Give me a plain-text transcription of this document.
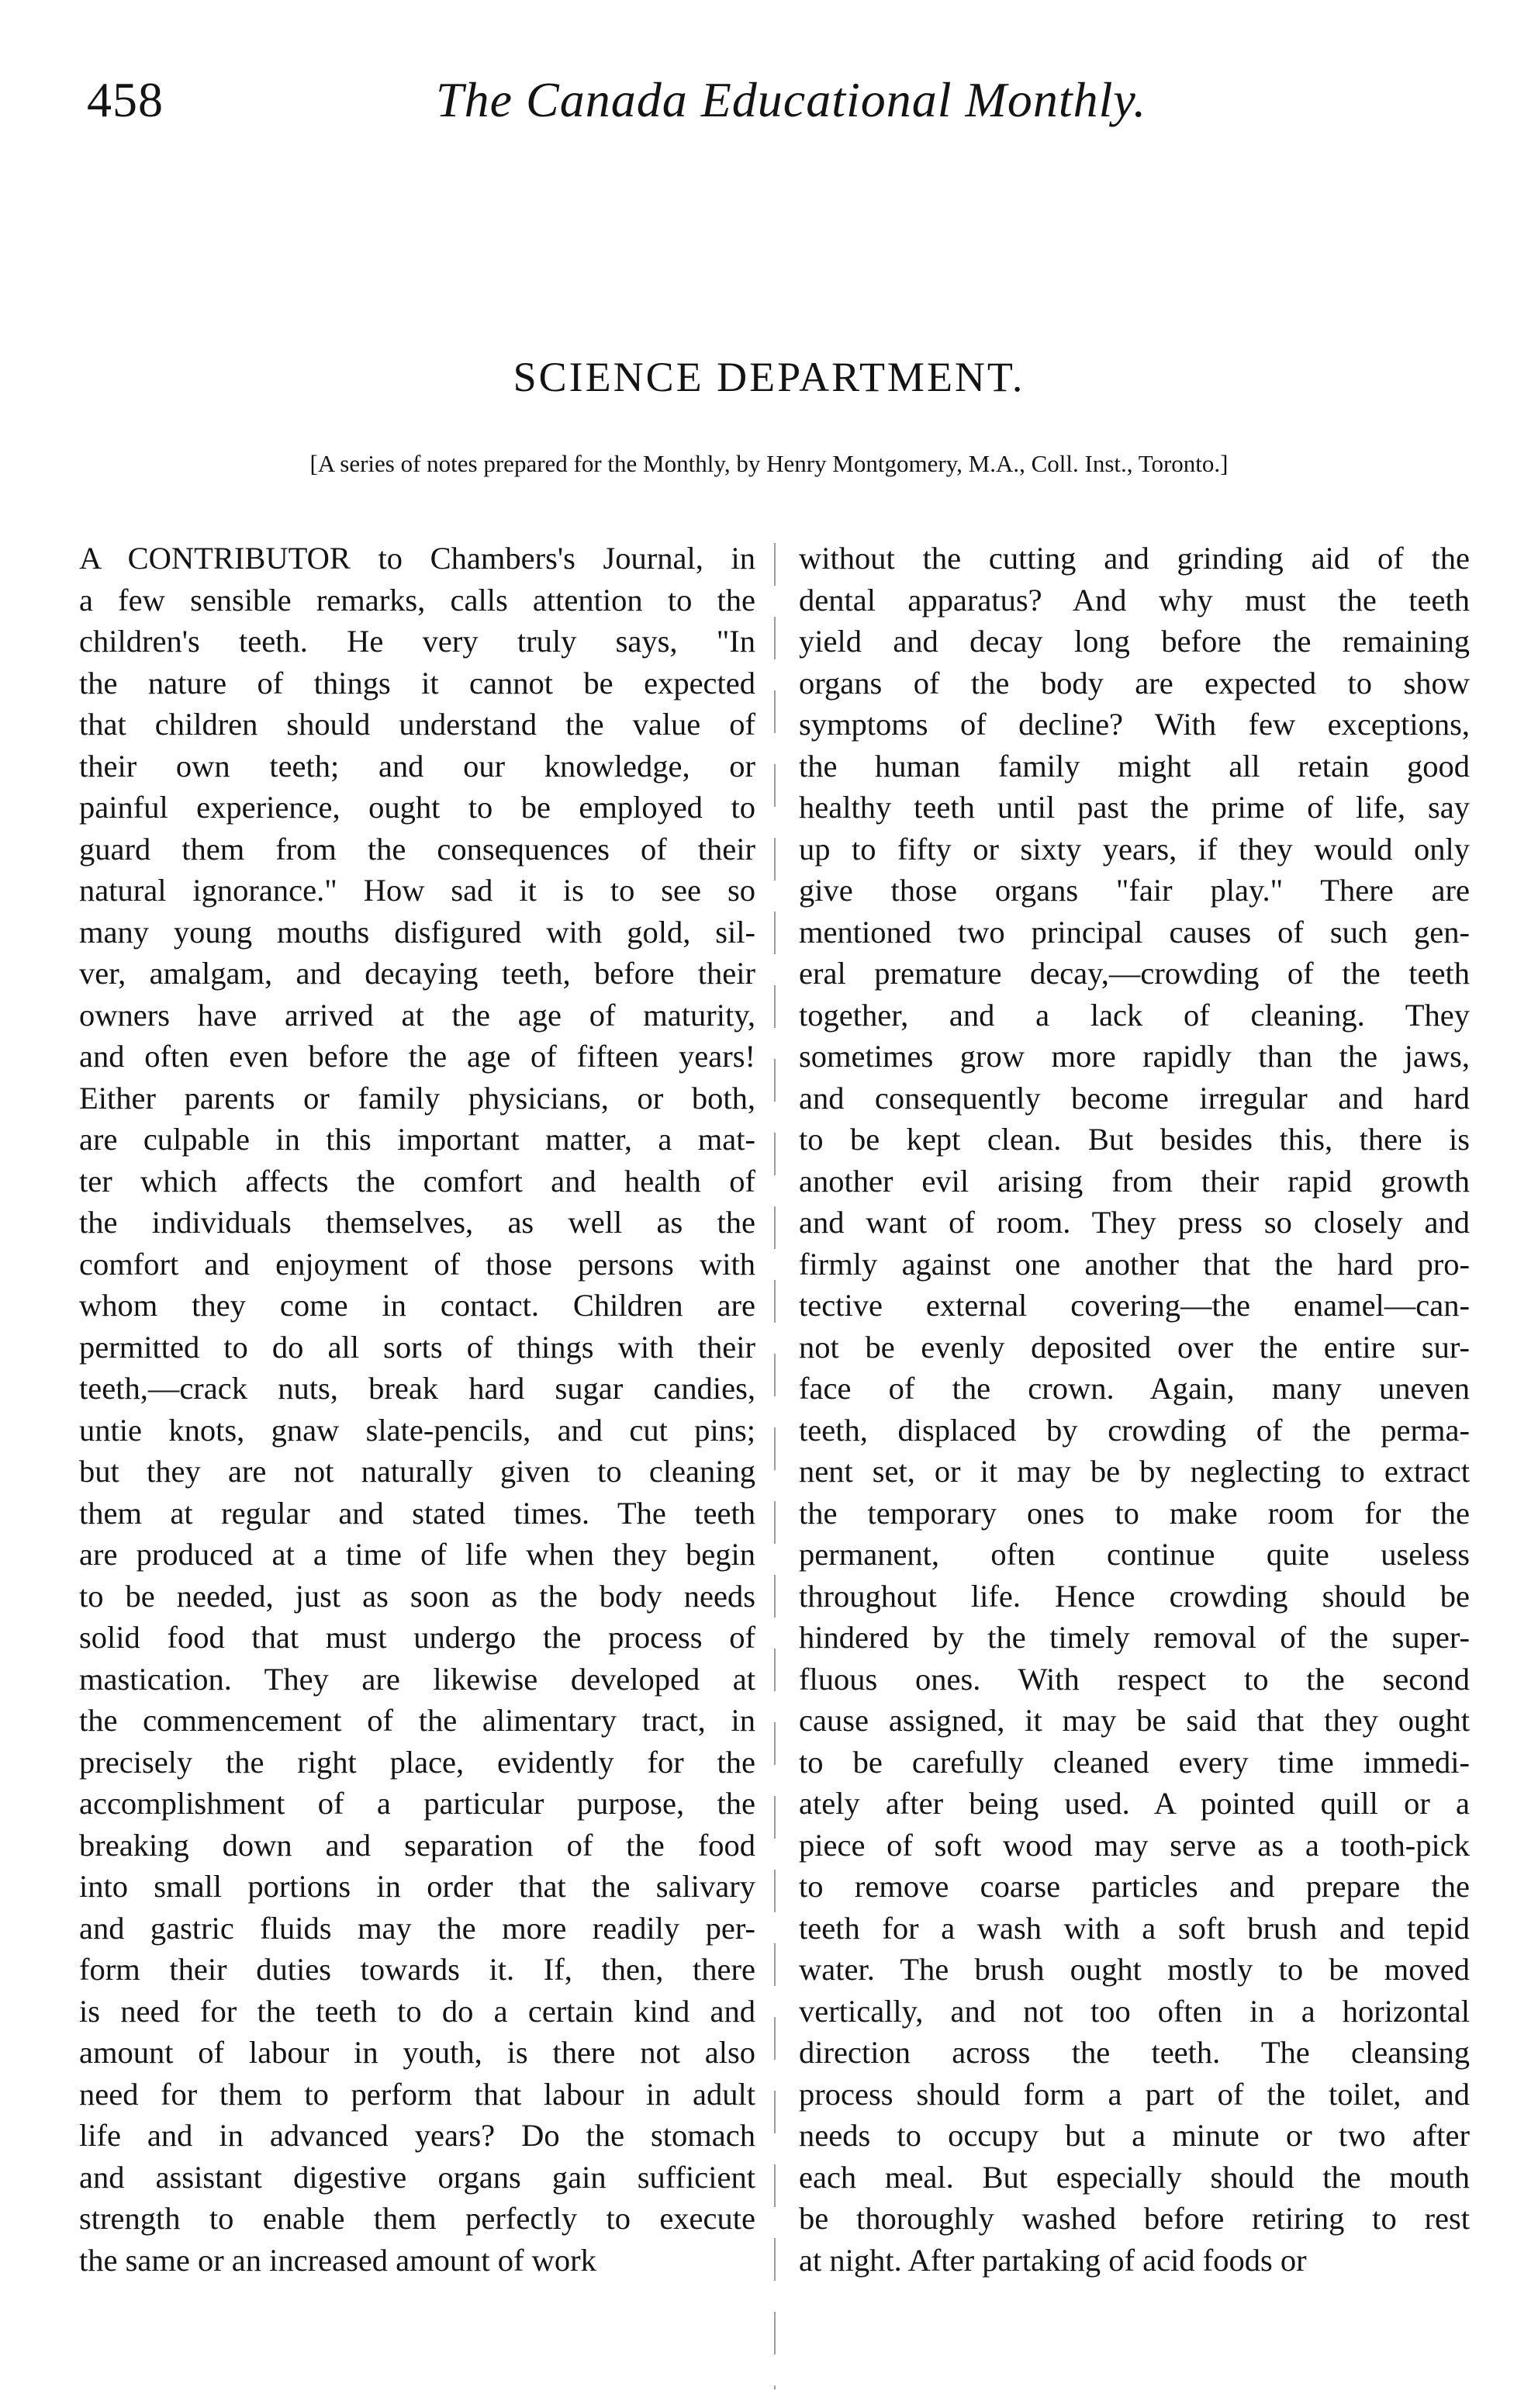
458	The Canada Educational Monthly.
SCIENCE DEPARTMENT.
[A series of notes prepared for the Monthly, by Henry Montgomery, M.A., Coll. Inst., Toronto.]
A CONTRIBUTOR to Chambers's Journal, in
a few sensible remarks, calls attention to the
children's teeth. He very truly says, "In
the nature of things it cannot be expected
that children should understand the value of
their own teeth; and our knowledge, or
painful experience, ought to be employed to
guard them from the consequences of their
natural ignorance." How sad it is to see so
many young mouths disfigured with gold, sil-
ver, amalgam, and decaying teeth, before their
owners have arrived at the age of maturity,
and often even before the age of fifteen years!
Either parents or family physicians, or both,
are culpable in this important matter, a mat-
ter which affects the comfort and health of
the individuals themselves, as well as the
comfort and enjoyment of those persons with
whom they come in contact. Children are
permitted to do all sorts of things with their
teeth,—crack nuts, break hard sugar candies,
untie knots, gnaw slate-pencils, and cut pins;
but they are not naturally given to cleaning
them at regular and stated times. The teeth
are produced at a time of life when they begin
to be needed, just as soon as the body needs
solid food that must undergo the process of
mastication. They are likewise developed at
the commencement of the alimentary tract, in
precisely the right place, evidently for the
accomplishment of a particular purpose, the
breaking down and separation of the food
into small portions in order that the salivary
and gastric fluids may the more readily per-
form their duties towards it. If, then, there
is need for the teeth to do a certain kind and
amount of labour in youth, is there not also
need for them to perform that labour in adult
life and in advanced years? Do the stomach
and assistant digestive organs gain sufficient
strength to enable them perfectly to execute
the same or an increased amount of work
without the cutting and grinding aid of the
dental apparatus? And why must the teeth
yield and decay long before the remaining
organs of the body are expected to show
symptoms of decline? With few exceptions,
the human family might all retain good
healthy teeth until past the prime of life, say
up to fifty or sixty years, if they would only
give those organs "fair play." There are
mentioned two principal causes of such gen-
eral premature decay,—crowding of the teeth
together, and a lack of cleaning. They
sometimes grow more rapidly than the jaws,
and consequently become irregular and hard
to be kept clean. But besides this, there is
another evil arising from their rapid growth
and want of room. They press so closely and
firmly against one another that the hard pro-
tective external covering—the enamel—can-
not be evenly deposited over the entire sur-
face of the crown. Again, many uneven
teeth, displaced by crowding of the perma-
nent set, or it may be by neglecting to extract
the temporary ones to make room for the
permanent, often continue quite useless
throughout life. Hence crowding should be
hindered by the timely removal of the super-
fluous ones. With respect to the second
cause assigned, it may be said that they ought
to be carefully cleaned every time immedi-
ately after being used. A pointed quill or a
piece of soft wood may serve as a tooth-pick
to remove coarse particles and prepare the
teeth for a wash with a soft brush and tepid
water. The brush ought mostly to be moved
vertically, and not too often in a horizontal
direction across the teeth. The cleansing
process should form a part of the toilet, and
needs to occupy but a minute or two after
each meal. But especially should the mouth
be thoroughly washed before retiring to rest
at night. After partaking of acid foods or
